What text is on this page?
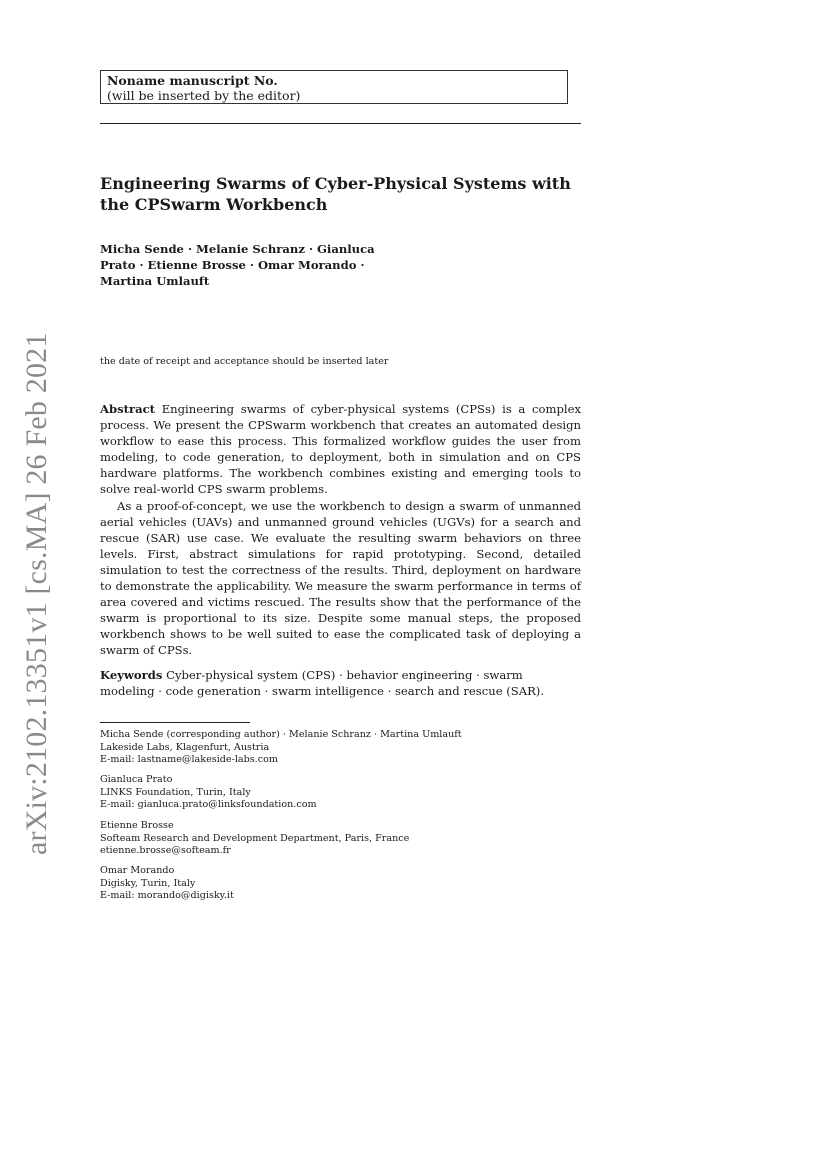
Noname manuscript No.
(will be inserted by the editor)
Engineering Swarms of Cyber-Physical Systems with the CPSwarm Workbench
Micha Sende · Melanie Schranz · Gianluca
Prato · Etienne Brosse · Omar Morando ·
Martina Umlauft
the date of receipt and acceptance should be inserted later

Abstract Engineering swarms of cyber-physical systems (CPSs) is a complex process. We present the CPSwarm workbench that creates an automated design workflow to ease this process. This formalized workflow guides the user from modeling, to code generation, to deployment, both in simulation and on CPS hardware platforms. The workbench combines existing and emerging tools to solve real-world CPS swarm problems.

As a proof-of-concept, we use the workbench to design a swarm of unmanned aerial vehicles (UAVs) and unmanned ground vehicles (UGVs) for a search and rescue (SAR) use case. We evaluate the resulting swarm behaviors on three levels. First, abstract simulations for rapid prototyping. Second, detailed simulation to test the correctness of the results. Third, deployment on hardware to demonstrate the applicability. We measure the swarm performance in terms of area covered and victims rescued. The results show that the performance of the swarm is proportional to its size. Despite some manual steps, the proposed workbench shows to be well suited to ease the complicated task of deploying a swarm of CPSs.

Keywords Cyber-physical system (CPS) · behavior engineering · swarm modeling · code generation · swarm intelligence · search and rescue (SAR).
Micha Sende (corresponding author) · Melanie Schranz · Martina Umlauft
Lakeside Labs, Klagenfurt, Austria
E-mail: lastname@lakeside-labs.com
Gianluca Prato
LINKS Foundation, Turin, Italy
E-mail: gianluca.prato@linksfoundation.com
Etienne Brosse
Softeam Research and Development Department, Paris, France
etienne.brosse@softeam.fr
Omar Morando
Digisky, Turin, Italy
E-mail: morando@digisky.it
arXiv:2102.13351v1 [cs.MA] 26 Feb 2021
